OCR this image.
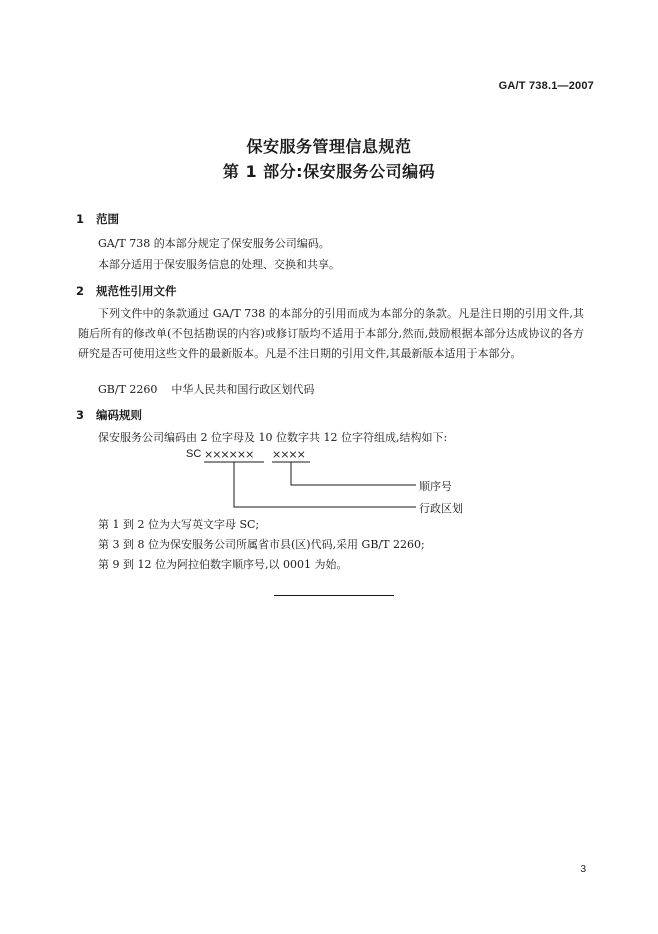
GA/T 738.1—2007
保安服务管理信息规范
第 1 部分:保安服务公司编码
1 范围
GA/T 738 的本部分规定了保安服务公司编码。
本部分适用于保安服务信息的处理、交换和共享。
2 规范性引用文件
下列文件中的条款通过 GA/T 738 的本部分的引用而成为本部分的条款。凡是注日期的引用文件,其随后所有的修改单(不包括勘误的内容)或修订版均不适用于本部分,然而,鼓励根据本部分达成协议的各方研究是否可使用这些文件的最新版本。凡是不注日期的引用文件,其最新版本适用于本部分。
GB/T 2260 中华人民共和国行政区划代码
3 编码规则
保安服务公司编码由 2 位字母及 10 位数字共 12 位字符组成,结构如下:
SC ×××××× ××××
顺序号
行政区划
第 1 到 2 位为大写英文字母 SC;
第 3 到 8 位为保安服务公司所属省市县(区)代码,采用 GB/T 2260;
第 9 到 12 位为阿拉伯数字顺序号,以 0001 为始。
3
